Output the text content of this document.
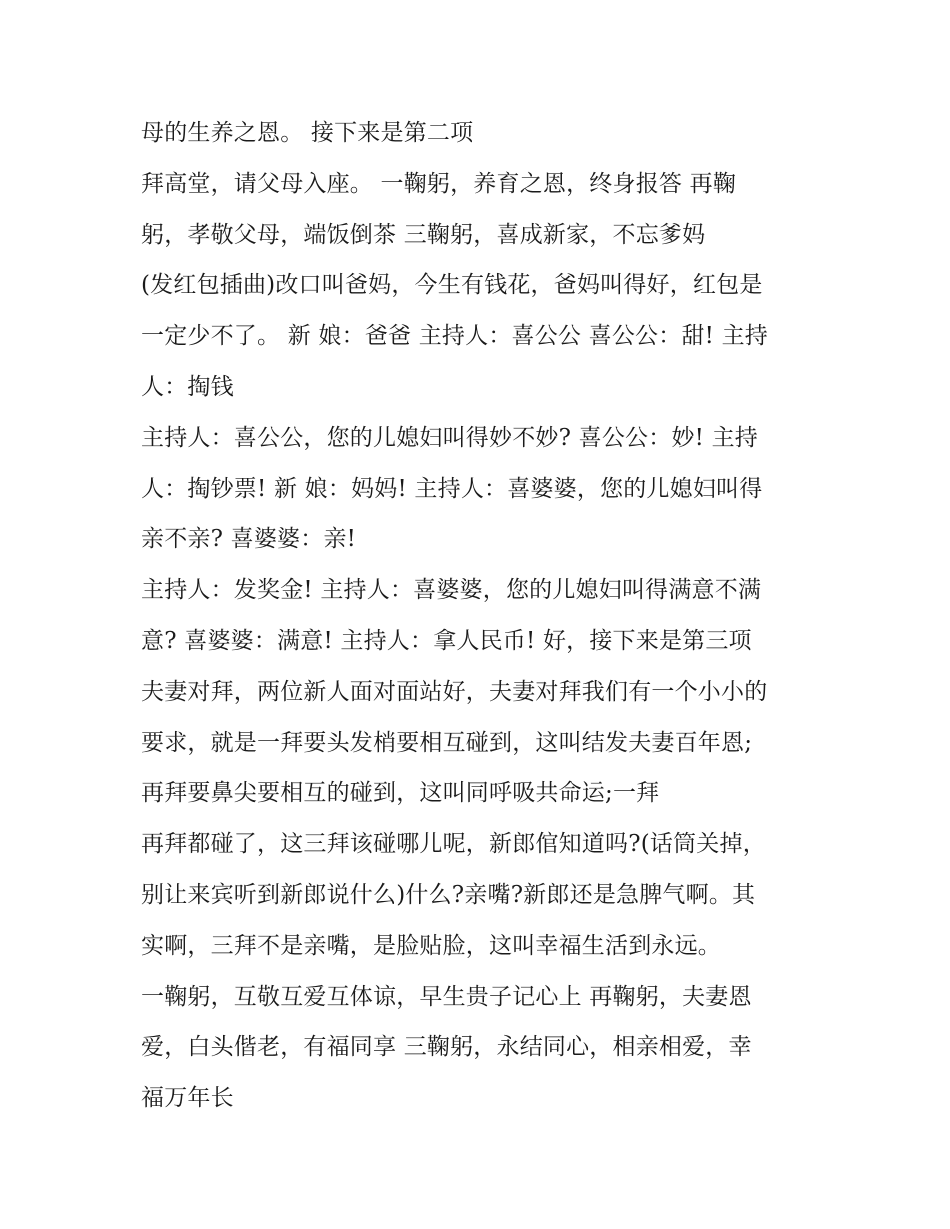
母的生养之恩。 接下来是第二项
拜高堂，请父母入座。 一鞠躬，养育之恩，终身报答 再鞠
躬，孝敬父母，端饭倒茶 三鞠躬，喜成新家，不忘爹妈
(发红包插曲)改口叫爸妈，今生有钱花，爸妈叫得好，红包是
一定少不了。 新 娘：爸爸 主持人：喜公公 喜公公：甜! 主持
人：掏钱
主持人：喜公公，您的儿媳妇叫得妙不妙? 喜公公：妙! 主持
人：掏钞票! 新 娘：妈妈! 主持人：喜婆婆，您的儿媳妇叫得
亲不亲? 喜婆婆：亲!
主持人：发奖金! 主持人：喜婆婆，您的儿媳妇叫得满意不满
意? 喜婆婆：满意! 主持人：拿人民币! 好，接下来是第三项
夫妻对拜，两位新人面对面站好，夫妻对拜我们有一个小小的
要求，就是一拜要头发梢要相互碰到，这叫结发夫妻百年恩;
再拜要鼻尖要相互的碰到，这叫同呼吸共命运;一拜
再拜都碰了，这三拜该碰哪儿呢，新郎倌知道吗?(话筒关掉，
别让来宾听到新郎说什么)什么?亲嘴?新郎还是急脾气啊。其
实啊，三拜不是亲嘴，是脸贴脸，这叫幸福生活到永远。
一鞠躬，互敬互爱互体谅，早生贵子记心上 再鞠躬，夫妻恩
爱，白头偕老，有福同享 三鞠躬，永结同心，相亲相爱，幸
福万年长
